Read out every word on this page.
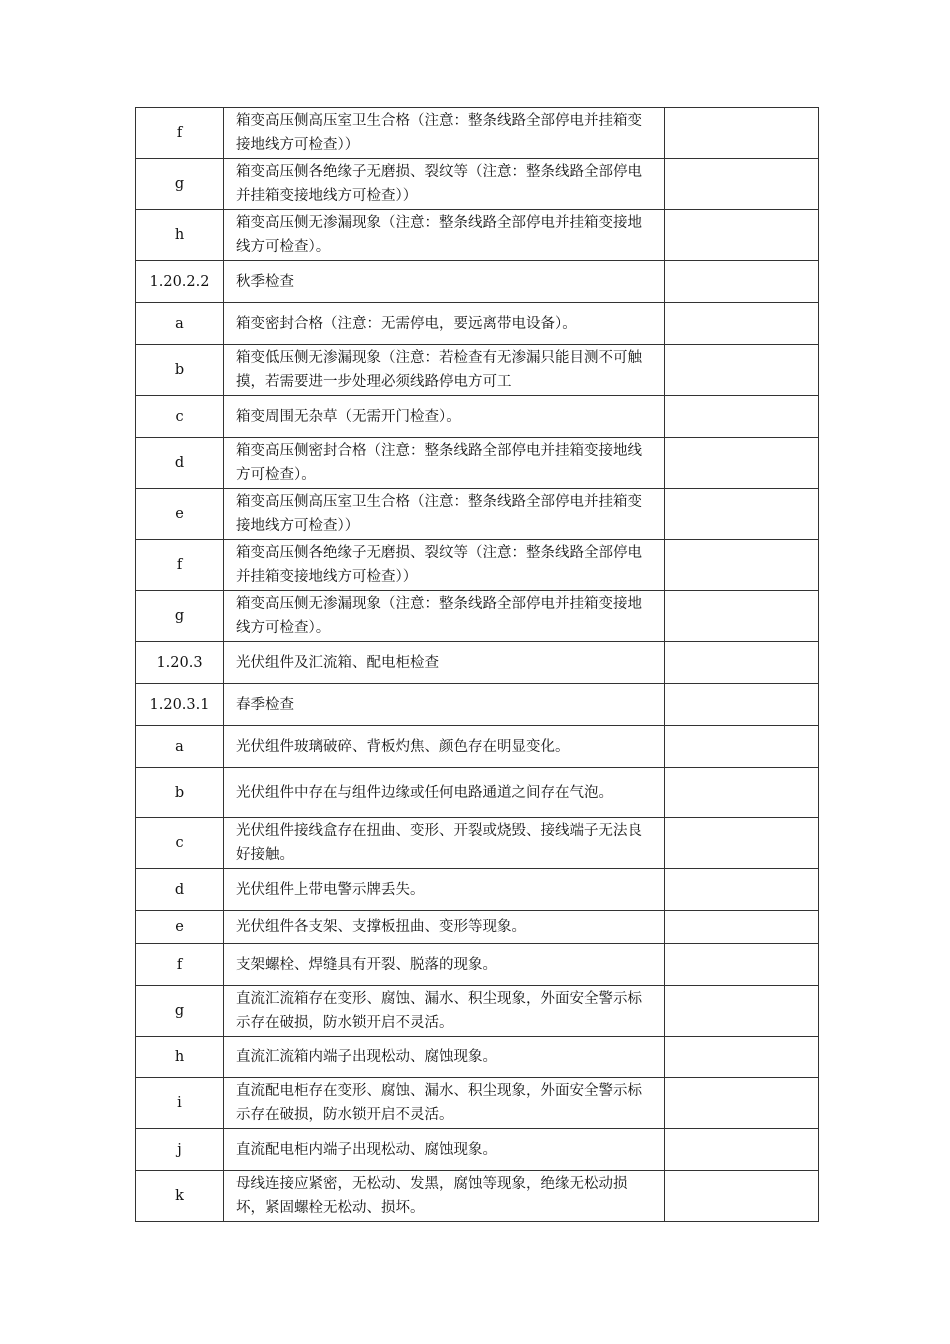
f	箱变高压侧高压室卫生合格（注意：整条线路全部停电并挂箱变接地线方可检查））	
g	箱变高压侧各绝缘子无磨损、裂纹等（注意：整条线路全部停电并挂箱变接地线方可检查））	
h	箱变高压侧无渗漏现象（注意：整条线路全部停电并挂箱变接地线方可检查）。	
1.20.2.2	秋季检查	
a	箱变密封合格（注意：无需停电，要远离带电设备）。	
b	箱变低压侧无渗漏现象（注意：若检查有无渗漏只能目测不可触摸，若需要进一步处理必须线路停电方可工	
c	箱变周围无杂草（无需开门检查）。	
d	箱变高压侧密封合格（注意：整条线路全部停电并挂箱变接地线方可检查）。	
e	箱变高压侧高压室卫生合格（注意：整条线路全部停电并挂箱变接地线方可检查））	
f	箱变高压侧各绝缘子无磨损、裂纹等（注意：整条线路全部停电并挂箱变接地线方可检查））	
g	箱变高压侧无渗漏现象（注意：整条线路全部停电并挂箱变接地线方可检查）。	
1.20.3	光伏组件及汇流箱、配电柜检查	
1.20.3.1	春季检查	
a	光伏组件玻璃破碎、背板灼焦、颜色存在明显变化。	
b	光伏组件中存在与组件边缘或任何电路通道之间存在气泡。	
c	光伏组件接线盒存在扭曲、变形、开裂或烧毁、接线端子无法良好接触。	
d	光伏组件上带电警示牌丢失。	
e	光伏组件各支架、支撑板扭曲、变形等现象。	
f	支架螺栓、焊缝具有开裂、脱落的现象。	
g	直流汇流箱存在变形、腐蚀、漏水、积尘现象，外面安全警示标示存在破损，防水锁开启不灵活。	
h	直流汇流箱内端子出现松动、腐蚀现象。	
i	直流配电柜存在变形、腐蚀、漏水、积尘现象，外面安全警示标示存在破损，防水锁开启不灵活。	
j	直流配电柜内端子出现松动、腐蚀现象。	
k	母线连接应紧密，无松动、发黑，腐蚀等现象，绝缘无松动损坏，紧固螺栓无松动、损坏。	
